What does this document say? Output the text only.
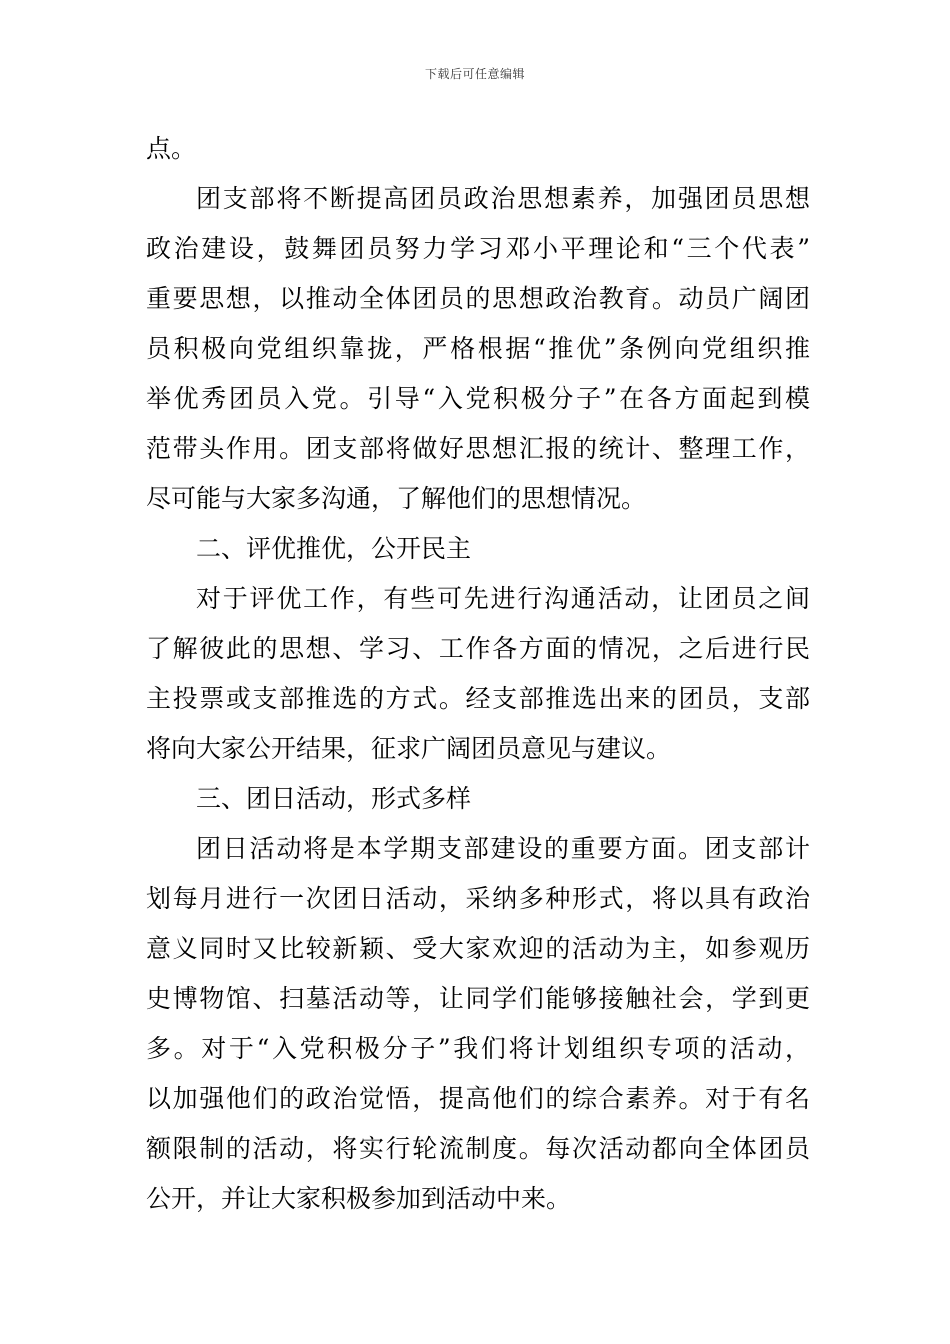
下载后可任意编辑
点。
团支部将不断提高团员政治思想素养，加强团员思想
政治建设，鼓舞团员努力学习邓小平理论和“三个代表”
重要思想，以推动全体团员的思想政治教育。动员广阔团
员积极向党组织靠拢，严格根据“推优”条例向党组织推
举优秀团员入党。引导“入党积极分子”在各方面起到模
范带头作用。团支部将做好思想汇报的统计、整理工作，
尽可能与大家多沟通，了解他们的思想情况。
二、评优推优，公开民主
对于评优工作，有些可先进行沟通活动，让团员之间
了解彼此的思想、学习、工作各方面的情况，之后进行民
主投票或支部推选的方式。经支部推选出来的团员，支部
将向大家公开结果，征求广阔团员意见与建议。
三、团日活动，形式多样
团日活动将是本学期支部建设的重要方面。团支部计
划每月进行一次团日活动，采纳多种形式，将以具有政治
意义同时又比较新颖、受大家欢迎的活动为主，如参观历
史博物馆、扫墓活动等，让同学们能够接触社会，学到更
多。对于“入党积极分子”我们将计划组织专项的活动，
以加强他们的政治觉悟，提高他们的综合素养。对于有名
额限制的活动，将实行轮流制度。每次活动都向全体团员
公开，并让大家积极参加到活动中来。
